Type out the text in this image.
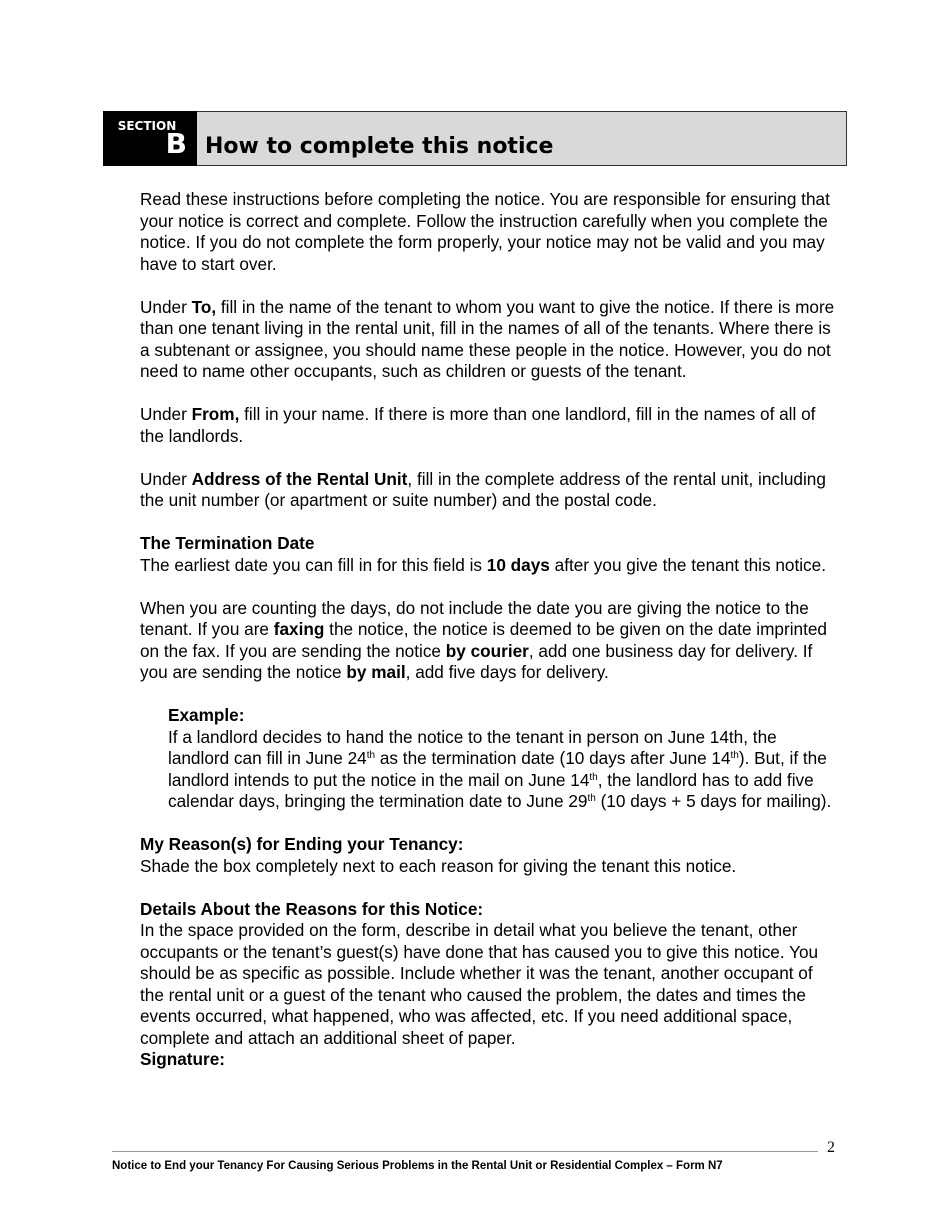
SECTION
B How to complete this notice

Read these instructions before completing the notice. You are responsible for ensuring that your notice is correct and complete. Follow the instruction carefully when you complete the notice. If you do not complete the form properly, your notice may not be valid and you may have to start over.

Under To, fill in the name of the tenant to whom you want to give the notice. If there is more than one tenant living in the rental unit, fill in the names of all of the tenants. Where there is a subtenant or assignee, you should name these people in the notice. However, you do not need to name other occupants, such as children or guests of the tenant.

Under From, fill in your name. If there is more than one landlord, fill in the names of all of the landlords.

Under Address of the Rental Unit, fill in the complete address of the rental unit, including the unit number (or apartment or suite number) and the postal code.

The Termination Date

The earliest date you can fill in for this field is 10 days after you give the tenant this notice.

When you are counting the days, do not include the date you are giving the notice to the tenant. If you are faxing the notice, the notice is deemed to be given on the date imprinted on the fax. If you are sending the notice by courier, add one business day for delivery. If you are sending the notice by mail, add five days for delivery.

Example:

If a landlord decides to hand the notice to the tenant in person on June 14th, the landlord can fill in June 24th as the termination date (10 days after June 14th). But, if the landlord intends to put the notice in the mail on June 14th, the landlord has to add five calendar days, bringing the termination date to June 29th (10 days + 5 days for mailing).

My Reason(s) for Ending your Tenancy:

Shade the box completely next to each reason for giving the tenant this notice.

Details About the Reasons for this Notice:

In the space provided on the form, describe in detail what you believe the tenant, other occupants or the tenant’s guest(s) have done that has caused you to give this notice. You should be as specific as possible. Include whether it was the tenant, another occupant of the rental unit or a guest of the tenant who caused the problem, the dates and times the events occurred, what happened, who was affected, etc. If you need additional space, complete and attach an additional sheet of paper.

Signature:
2
Notice to End your Tenancy For Causing Serious Problems in the Rental Unit or Residential Complex – Form N7
